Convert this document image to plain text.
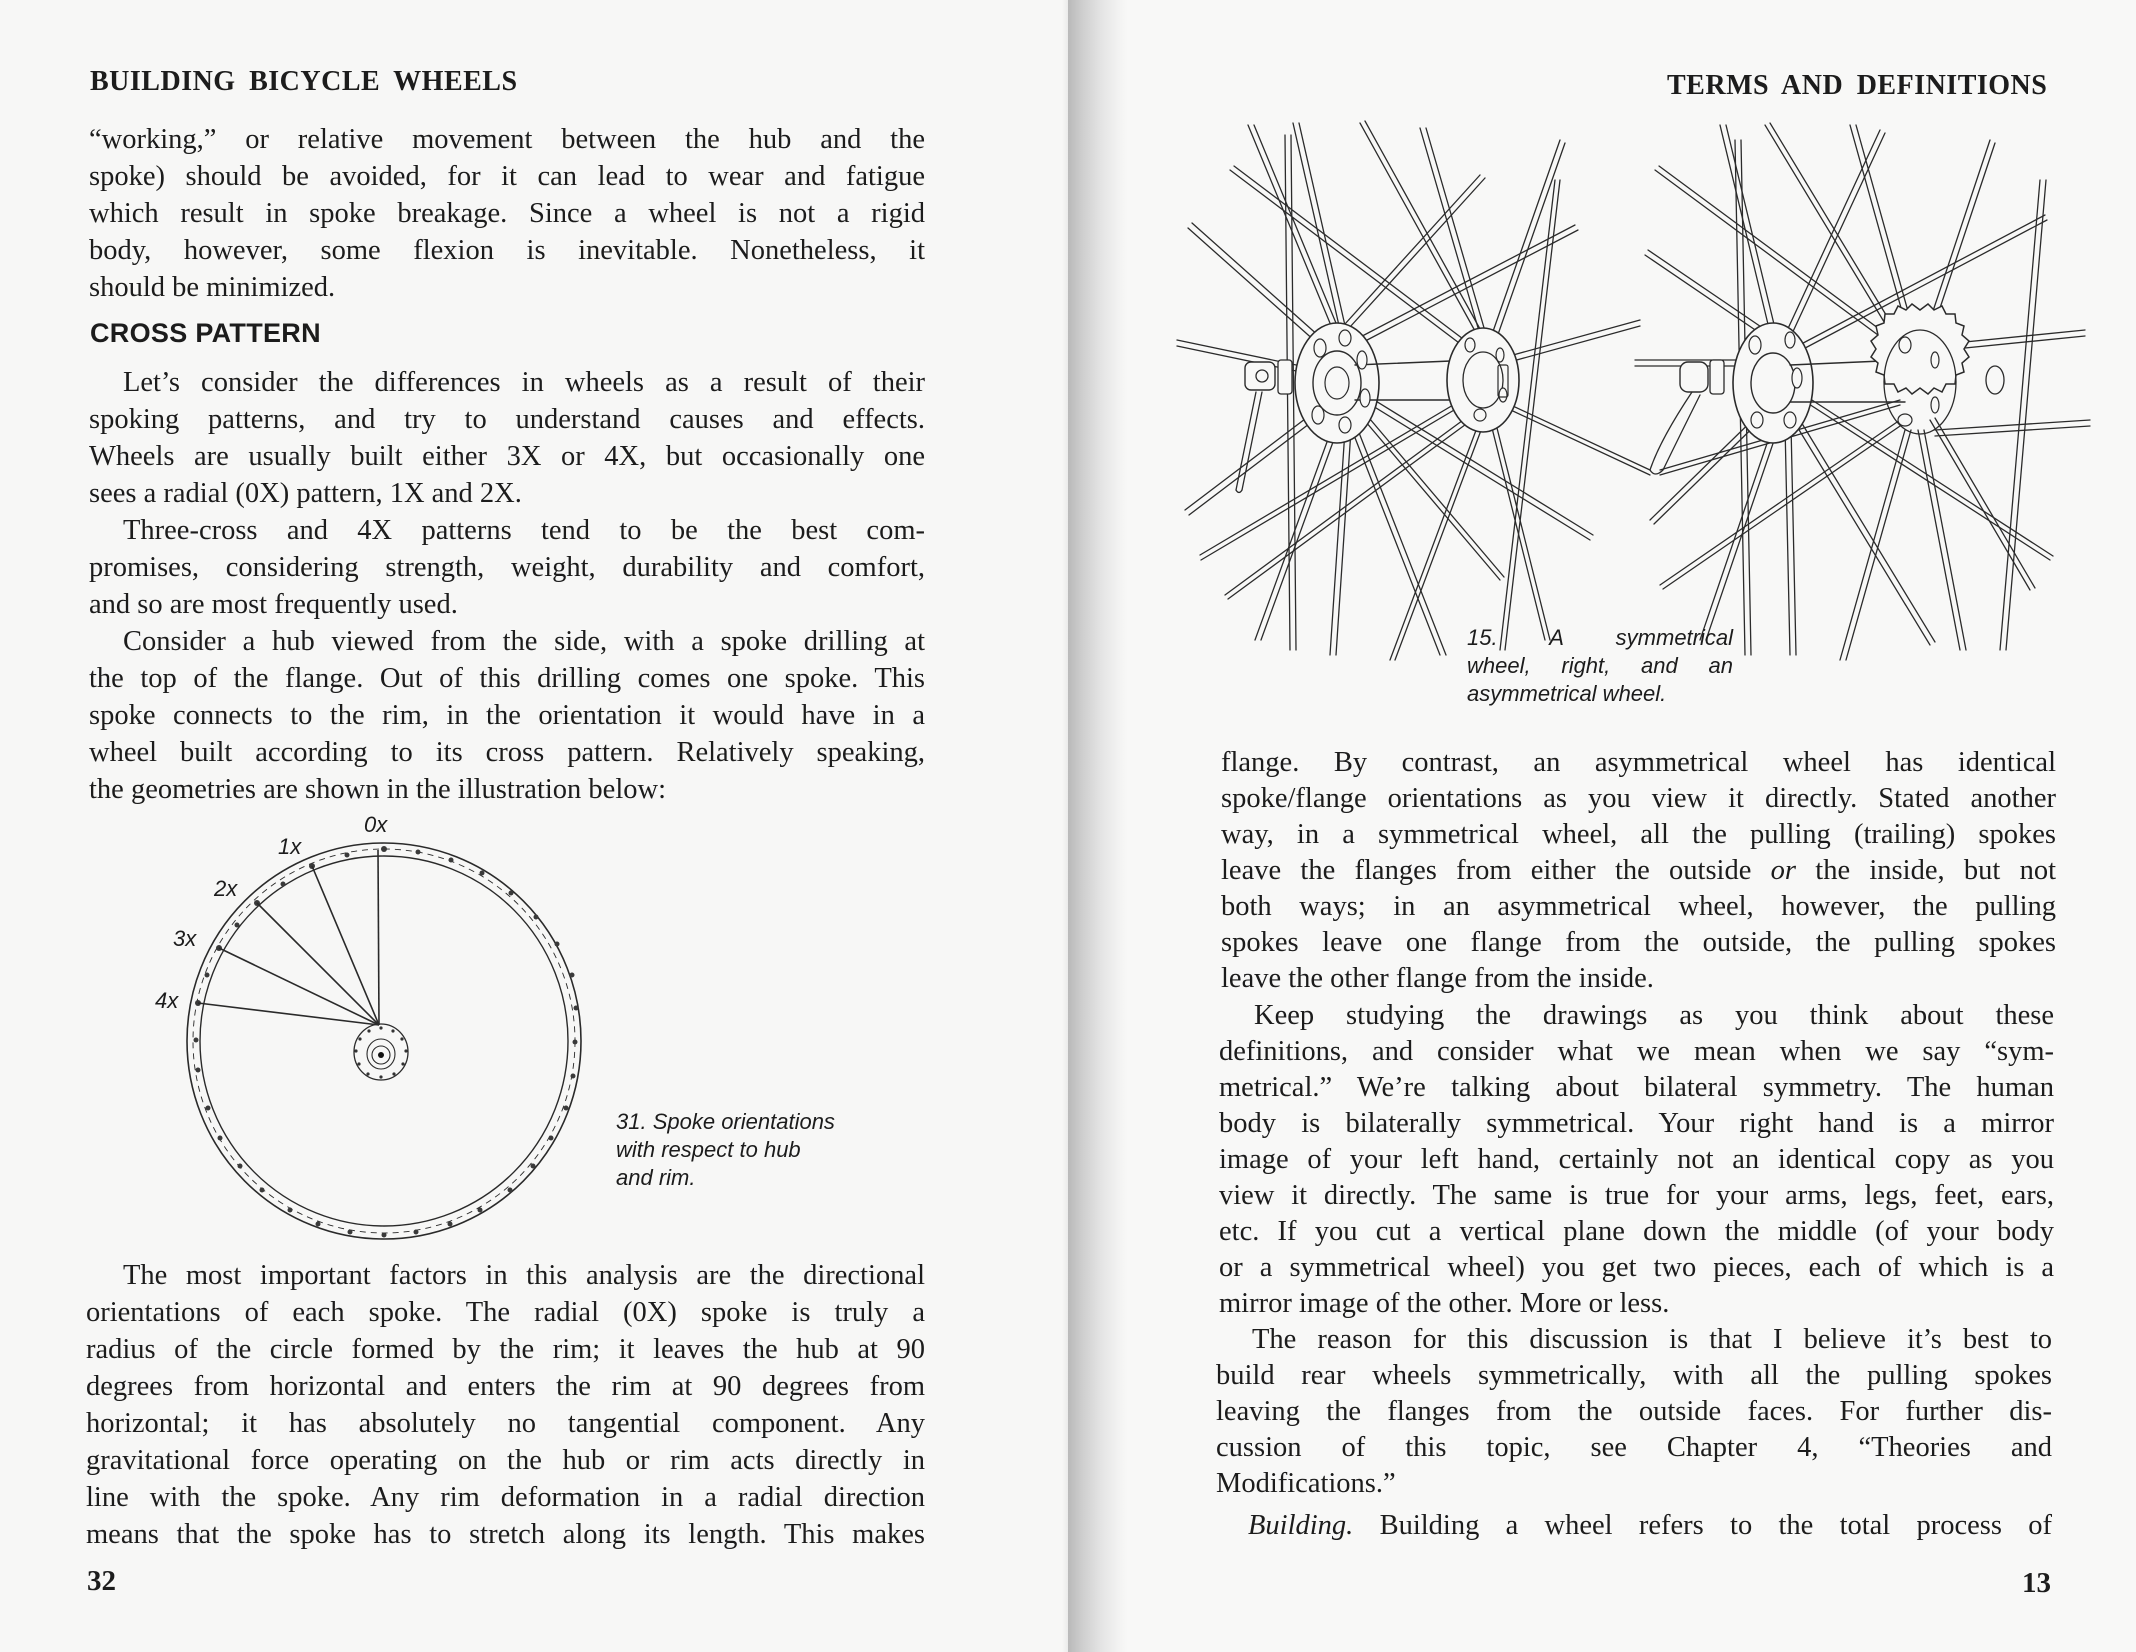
BUILDING BICYCLE WHEELS
“working,” or relative movement between the hub and the
spoke) should be avoided, for it can lead to wear and fatigue
which result in spoke breakage. Since a wheel is not a rigid
body, however, some flexion is inevitable. Nonetheless, it
should be minimized.
CROSS PATTERN
Let’s consider the differences in wheels as a result of their
spoking patterns, and try to understand causes and effects.
Wheels are usually built either 3X or 4X, but occasionally one
sees a radial (0X) pattern, 1X and 2X.
Three-cross and 4X patterns tend to be the best com-
promises, considering strength, weight, durability and comfort,
and so are most frequently used.
Consider a hub viewed from the side, with a spoke drilling at
the top of the flange. Out of this drilling comes one spoke. This
spoke connects to the rim, in the orientation it would have in a
wheel built according to its cross pattern. Relatively speaking,
the geometries are shown in the illustration below:
0x
1x
2x
3x
4x
31. Spoke orientations
with respect to hub
and rim.
The most important factors in this analysis are the directional
orientations of each spoke. The radial (0X) spoke is truly a
radius of the circle formed by the rim; it leaves the hub at 90
degrees from horizontal and enters the rim at 90 degrees from
horizontal; it has absolutely no tangential component. Any
gravitational force operating on the hub or rim acts directly in
line with the spoke. Any rim deformation in a radial direction
means that the spoke has to stretch along its length. This makes
32
TERMS AND DEFINITIONS
15. A symmetrical
wheel, right, and an
asymmetrical wheel.
flange. By contrast, an asymmetrical wheel has identical
spoke/flange orientations as you view it directly. Stated another
way, in a symmetrical wheel, all the pulling (trailing) spokes
leave the flanges from either the outside or the inside, but not
both ways; in an asymmetrical wheel, however, the pulling
spokes leave one flange from the outside, the pulling spokes
leave the other flange from the inside.
Keep studying the drawings as you think about these
definitions, and consider what we mean when we say “sym-
metrical.” We’re talking about bilateral symmetry. The human
body is bilaterally symmetrical. Your right hand is a mirror
image of your left hand, certainly not an identical copy as you
view it directly. The same is true for your arms, legs, feet, ears,
etc. If you cut a vertical plane down the middle (of your body
or a symmetrical wheel) you get two pieces, each of which is a
mirror image of the other. More or less.
The reason for this discussion is that I believe it’s best to
build rear wheels symmetrically, with all the pulling spokes
leaving the flanges from the outside faces. For further dis-
cussion of this topic, see Chapter 4, “Theories and
Modifications.”
Building. Building a wheel refers to the total process of
13
